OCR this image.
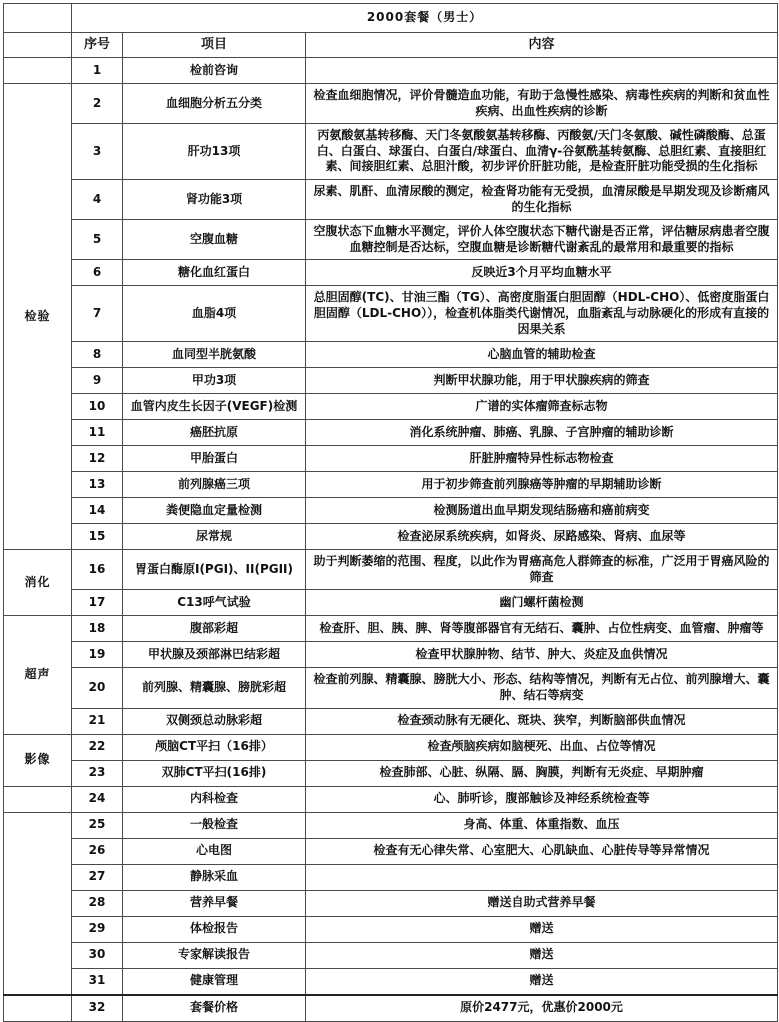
	2000套餐（男士）		
	序号	项目	内容
	1	检前咨询	
检验	2	血细胞分析五分类	检查血细胞情况，评价骨髓造血功能，有助于急慢性感染、病毒性疾病的判断和贫血性疾病、出血性疾病的诊断
	3	肝功13项	丙氨酸氨基转移酶、天门冬氨酸氨基转移酶、丙酸氨/天门冬氨酸、碱性磷酸酶、总蛋白、白蛋白、球蛋白、白蛋白/球蛋白、血清γ-谷氨酰基转氨酶、总胆红素、直接胆红素、间接胆红素、总胆汁酸，初步评价肝脏功能，是检查肝脏功能受损的生化指标
	4	肾功能3项	尿素、肌酐、血清尿酸的测定，检查肾功能有无受损，血清尿酸是早期发现及诊断痛风的生化指标
	5	空腹血糖	空腹状态下血糖水平测定，评价人体空腹状态下糖代谢是否正常，评估糖尿病患者空腹血糖控制是否达标，空腹血糖是诊断糖代谢紊乱的最常用和最重要的指标
	6	糖化血红蛋白	反映近3个月平均血糖水平
	7	血脂4项	总胆固醇(TC)、甘油三酯（TG）、高密度脂蛋白胆固醇（HDL-CHO）、低密度脂蛋白胆固醇（LDL-CHO）），检查机体脂类代谢情况，血脂紊乱与动脉硬化的形成有直接的因果关系
	8	血同型半胱氨酸	心脑血管的辅助检查
	9	甲功3项	判断甲状腺功能，用于甲状腺疾病的筛查
	10	血管内皮生长因子(VEGF)检测	广谱的实体瘤筛查标志物
	11	癌胚抗原	消化系统肿瘤、肺癌、乳腺、子宫肿瘤的辅助诊断
	12	甲胎蛋白	肝脏肿瘤特异性标志物检查
	13	前列腺癌三项	用于初步筛查前列腺癌等肿瘤的早期辅助诊断
	14	粪便隐血定量检测	检测肠道出血早期发现结肠癌和癌前病变
	15	尿常规	检查泌尿系统疾病，如肾炎、尿路感染、肾病、血尿等
消化	16	胃蛋白酶原I(PGI)、II(PGII)	助于判断萎缩的范围、程度，以此作为胃癌高危人群筛查的标准，广泛用于胃癌风险的筛查
	17	C13呼气试验	幽门螺杆菌检测
超声	18	腹部彩超	检查肝、胆、胰、脾、肾等腹部器官有无结石、囊肿、占位性病变、血管瘤、肿瘤等
	19	甲状腺及颈部淋巴结彩超	检查甲状腺肿物、结节、肿大、炎症及血供情况
	20	前列腺、精囊腺、膀胱彩超	检查前列腺、精囊腺、膀胱大小、形态、结构等情况，判断有无占位、前列腺增大、囊肿、结石等病变
	21	双侧颈总动脉彩超	检查颈动脉有无硬化、斑块、狭窄，判断脑部供血情况
影像	22	颅脑CT平扫（16排）	检查颅脑疾病如脑梗死、出血、占位等情况
	23	双肺CT平扫(16排)	检查肺部、心脏、纵隔、膈、胸膜，判断有无炎症、早期肿瘤
	24	内科检查	心、肺听诊，腹部触诊及神经系统检查等
	25	一般检查	身高、体重、体重指数、血压
	26	心电图	检查有无心律失常、心室肥大、心肌缺血、心脏传导等异常情况
	27	静脉采血	
	28	营养早餐	赠送自助式营养早餐
	29	体检报告	赠送
	30	专家解读报告	赠送
	31	健康管理	赠送
	32	套餐价格	原价2477元，优惠价2000元
